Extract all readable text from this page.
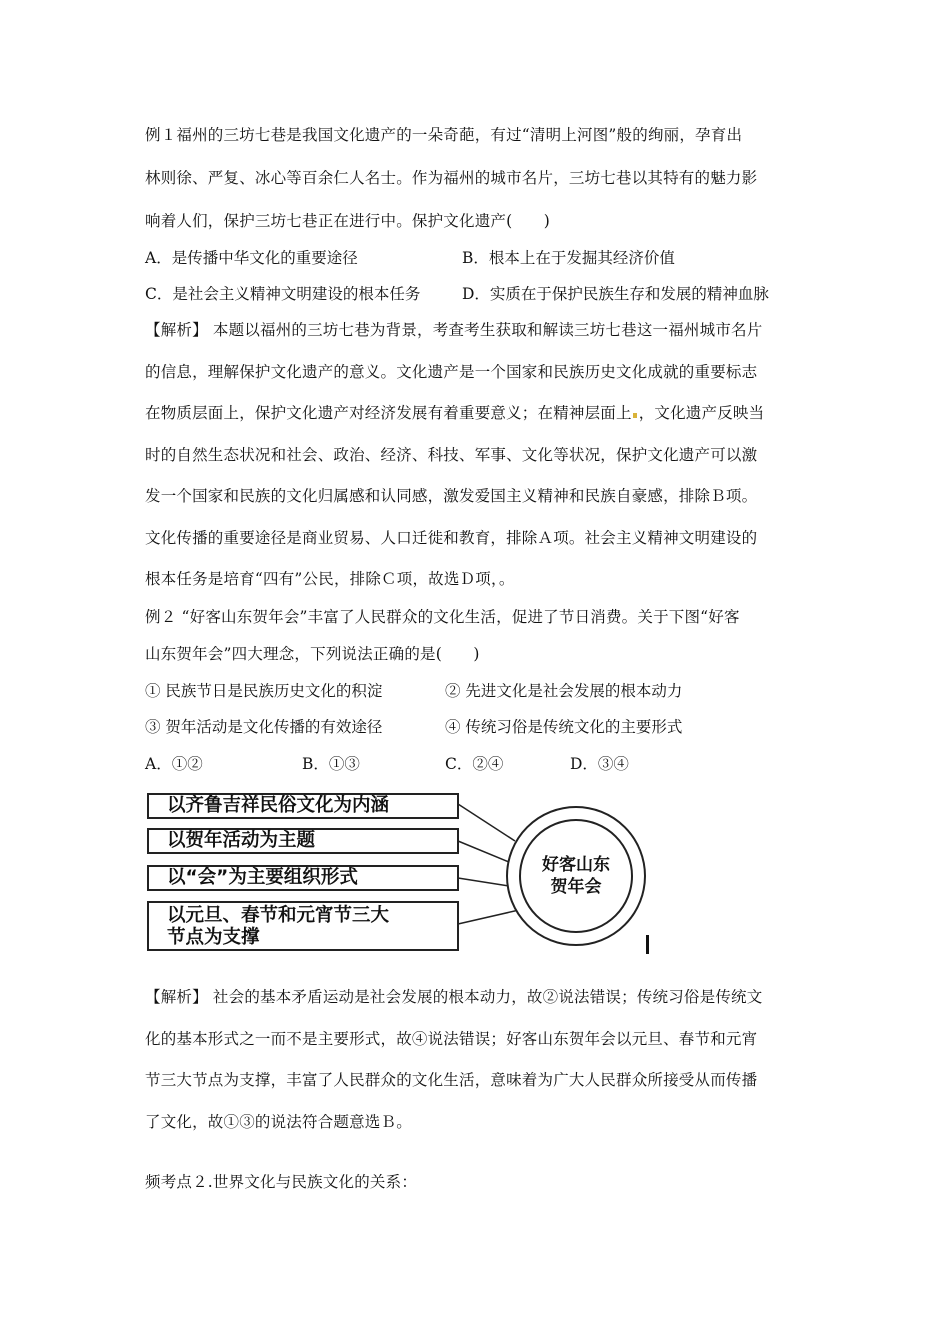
例１福州的三坊七巷是我国文化遗产的一朵奇葩，有过“清明上河图”般的绚丽，孕育出
林则徐、严复、冰心等百余仁人名士。作为福州的城市名片，三坊七巷以其特有的魅力影
响着人们，保护三坊七巷正在进行中。保护文化遗产(　　)
A．是传播中华文化的重要途径	B．根本上在于发掘其经济价值
C．是社会主义精神文明建设的根本任务	D．实质在于保护民族生存和发展的精神血脉
【解析】 本题以福州的三坊七巷为背景，考查考生获取和解读三坊七巷这一福州城市名片
的信息，理解保护文化遗产的意义。文化遗产是一个国家和民族历史文化成就的重要标志
在物质层面上，保护文化遗产对经济发展有着重要意义；在精神层面上 ，文化遗产反映当
时的自然生态状况和社会、政治、经济、科技、军事、文化等状况，保护文化遗产可以激
发一个国家和民族的文化归属感和认同感，激发爱国主义精神和民族自豪感，排除Ｂ项。
文化传播的重要途径是商业贸易、人口迁徙和教育，排除Ａ项。社会主义精神文明建设的
根本任务是培育“四有”公民，排除Ｃ项，故选Ｄ项，。
例２ “好客山东贺年会”丰富了人民群众的文化生活，促进了节日消费。关于下图“好客
山东贺年会”四大理念，下列说法正确的是(　　)
① 民族节日是民族历史文化的积淀	② 先进文化是社会发展的根本动力
③ 贺年活动是文化传播的有效途径	④ 传统习俗是传统文化的主要形式
A．①②	B．①③	C．②④	D．③④
以齐鲁吉祥民俗文化为内涵
以贺年活动为主题
以“会”为主要组织形式
以元旦、春节和元宵节三大
节点为支撑
好客山东
贺年会
【解析】 社会的基本矛盾运动是社会发展的根本动力，故②说法错误；传统习俗是传统文
化的基本形式之一而不是主要形式，故④说法错误；好客山东贺年会以元旦、春节和元宵
节三大节点为支撑，丰富了人民群众的文化生活，意味着为广大人民群众所接受从而传播
了文化，故①③的说法符合题意选Ｂ。
频考点２.世界文化与民族文化的关系：
